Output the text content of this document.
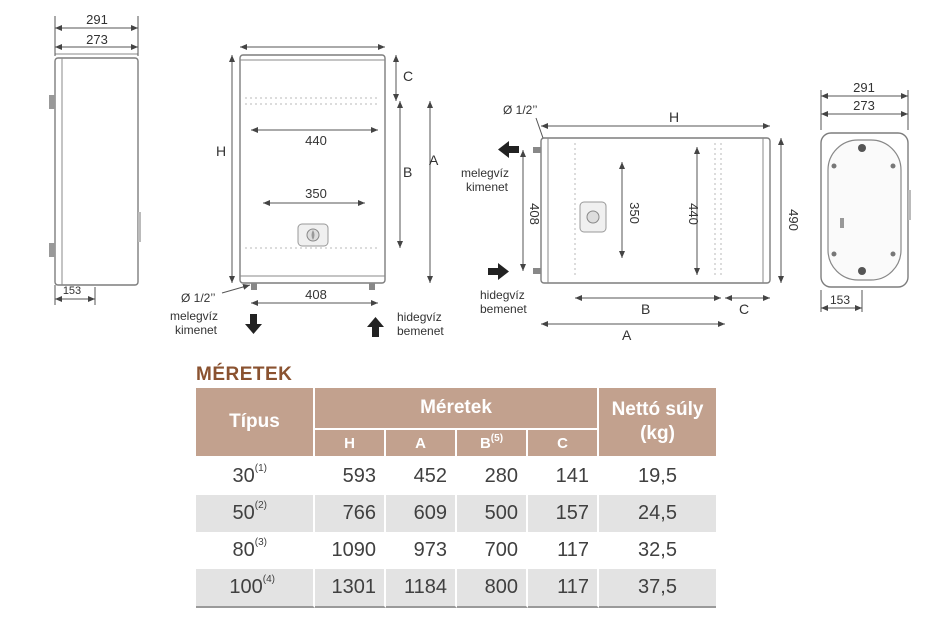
291
273
153
H
C
B
A
440
350
408
Ø 1/2’’
melegvíz
kimenet
hidegvíz
bemenet
H
Ø 1/2’’
melegvíz
kimenet
hidegvíz
bemenet
408	350	440	490
B	C
A
291
273
153
MÉRETEK
Típus	Méretek				Nettó súly
(kg)
	H	A	$B^{(5)}$	C	
30$^{(1)}$	593	452	280	141	19,5
50$^{(2)}$	766	609	500	157	24,5
80$^{(3)}$	1090	973	700	117	32,5
100$^{(4)}$	1301	1184	800	117	37,5
